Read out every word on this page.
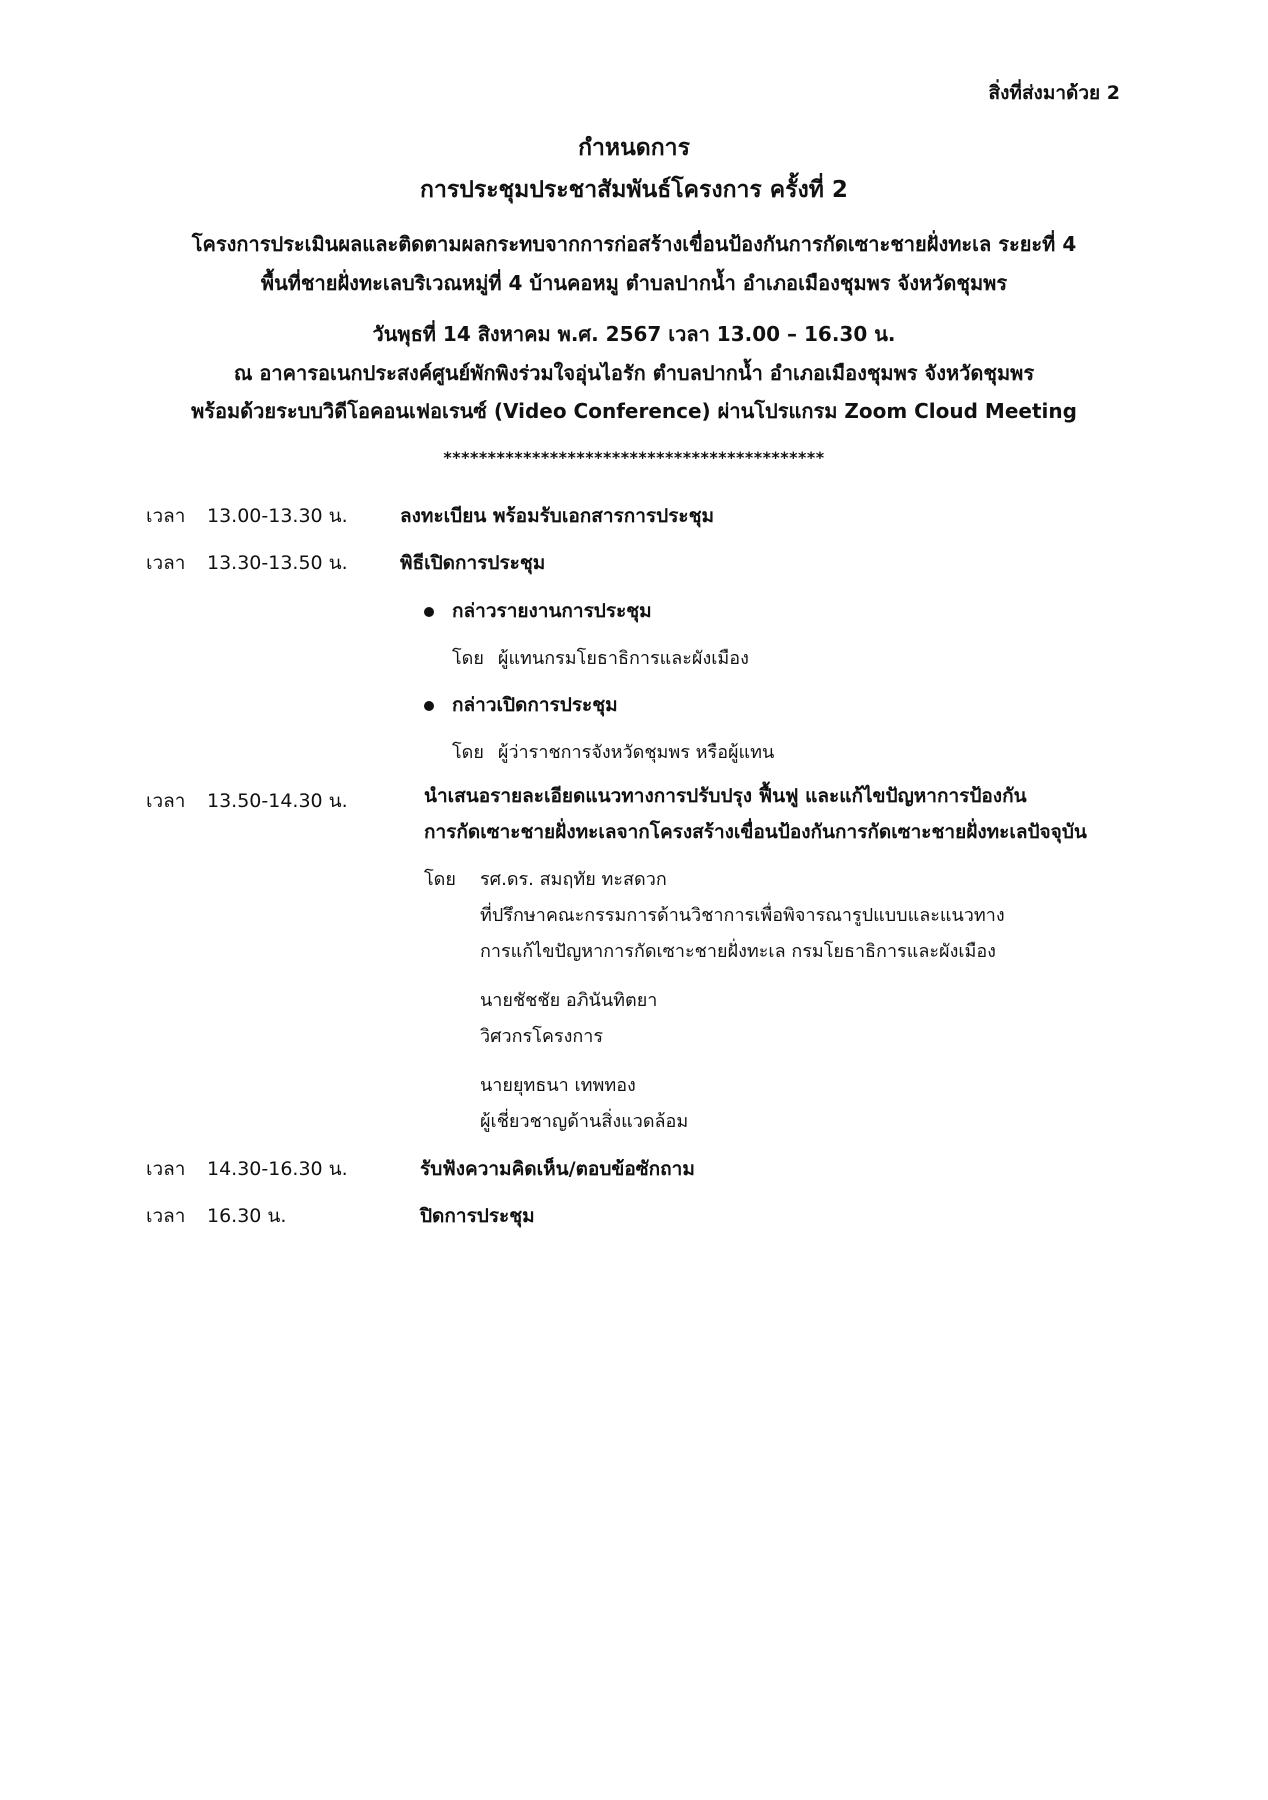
สิ่งที่ส่งมาด้วย 2
กำหนดการ
การประชุมประชาสัมพันธ์โครงการ ครั้งที่ 2
โครงการประเมินผลและติดตามผลกระทบจากการก่อสร้างเขื่อนป้องกันการกัดเซาะชายฝั่งทะเล ระยะที่ 4
พื้นที่ชายฝั่งทะเลบริเวณหมู่ที่ 4 บ้านคอหมู ตำบลปากน้ำ อำเภอเมืองชุมพร จังหวัดชุมพร
วันพุธที่ 14 สิงหาคม พ.ศ. 2567 เวลา 13.00 – 16.30 น.
ณ อาคารอเนกประสงค์ศูนย์พักพิงร่วมใจอุ่นไอรัก ตำบลปากน้ำ อำเภอเมืองชุมพร จังหวัดชุมพร
พร้อมด้วยระบบวิดีโอคอนเฟอเรนซ์ (Video Conference) ผ่านโปรแกรม Zoom Cloud Meeting
*******************************************
เวลา 13.00-13.30 น.	ลงทะเบียน พร้อมรับเอกสารการประชุม
เวลา 13.30-13.50 น.	พิธีเปิดการประชุม
กล่าวรายงานการประชุม
โดย ผู้แทนกรมโยธาธิการและผังเมือง
กล่าวเปิดการประชุม
โดย ผู้ว่าราชการจังหวัดชุมพร หรือผู้แทน
เวลา 13.50-14.30 น.	นำเสนอรายละเอียดแนวทางการปรับปรุง ฟื้นฟู และแก้ไขปัญหาการป้องกัน
การกัดเซาะชายฝั่งทะเลจากโครงสร้างเขื่อนป้องกันการกัดเซาะชายฝั่งทะเลปัจจุบัน
โดย รศ.ดร. สมฤทัย ทะสดวก
ที่ปรึกษาคณะกรรมการด้านวิชาการเพื่อพิจารณารูปแบบและแนวทาง
การแก้ไขปัญหาการกัดเซาะชายฝั่งทะเล กรมโยธาธิการและผังเมือง
นายชัชชัย อภินันทิตยา
วิศวกรโครงการ
นายยุทธนา เทพทอง
ผู้เชี่ยวชาญด้านสิ่งแวดล้อม
เวลา 14.30-16.30 น.	รับฟังความคิดเห็น/ตอบข้อซักถาม
เวลา 16.30 น.	ปิดการประชุม
